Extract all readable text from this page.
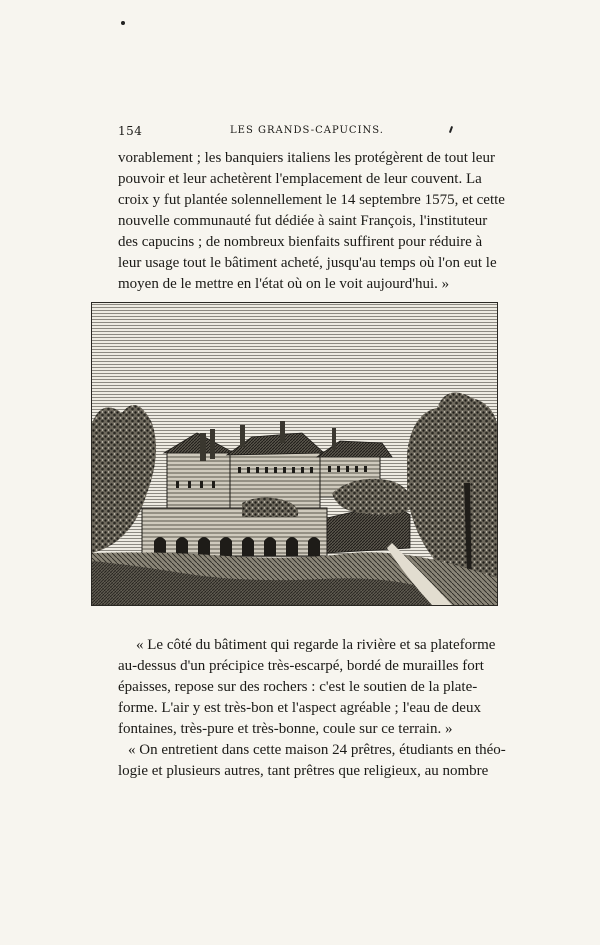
154	LES GRANDS-CAPUCINS.
vorablement ; les banquiers italiens les protégèrent de tout leur
pouvoir et leur achetèrent l'emplacement de leur couvent. La
croix y fut plantée solennellement le 14 septembre 1575, et cette
nouvelle communauté fut dédiée à saint François, l'instituteur
des capucins ; de nombreux bienfaits suffirent pour réduire à
leur usage tout le bâtiment acheté, jusqu'au temps où l'on eut le
moyen de le mettre en l'état où on le voit aujourd'hui. »
« Le côté du bâtiment qui regarde la rivière et sa plateforme
au-dessus d'un précipice très-escarpé, bordé de murailles fort
épaisses, repose sur des rochers : c'est le soutien de la plate-
forme. L'air y est très-bon et l'aspect agréable ; l'eau de deux
fontaines, très-pure et très-bonne, coule sur ce terrain. »
« On entretient dans cette maison 24 prêtres, étudiants en théo-
logie et plusieurs autres, tant prêtres que religieux, au nombre
